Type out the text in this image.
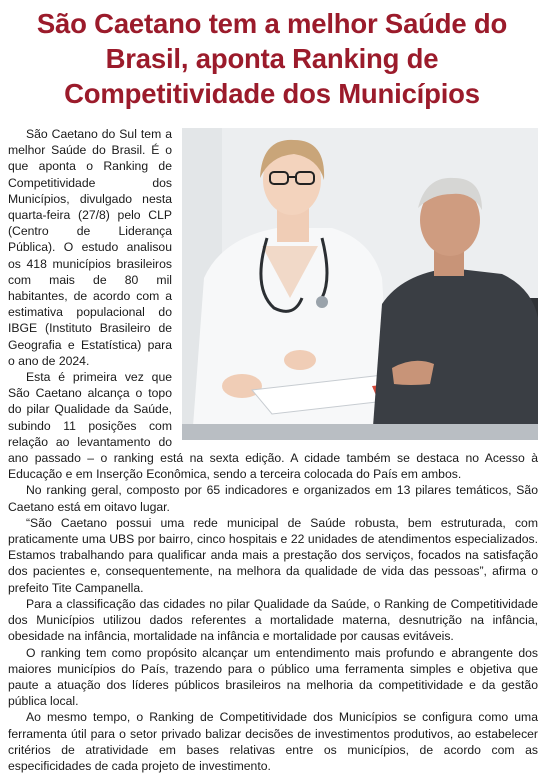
São Caetano tem a melhor Saúde do Brasil, aponta Ranking de Competitividade dos Municípios

São Caetano do Sul tem a melhor Saúde do Brasil. É o que aponta o Ranking de Competitividade dos Municípios, divulgado nesta quarta-feira (27/8) pelo CLP (Centro de Liderança Pública). O estudo analisou os 418 municípios brasileiros com mais de 80 mil habitantes, de acordo com a estimativa populacional do IBGE (Instituto Brasileiro de Geografia e Estatística) para o ano de 2024.

Esta é primeira vez que São Caetano alcança o topo do pilar Qualidade da Saúde, subindo 11 posições com relação ao levantamento do ano passado – o ranking está na sexta edição. A cidade também se destaca no Acesso à Educação e em Inserção Econômica, sendo a terceira colocada do País em ambos.

No ranking geral, composto por 65 indicadores e organizados em 13 pilares temáticos, São Caetano está em oitavo lugar.

“São Caetano possui uma rede municipal de Saúde robusta, bem estruturada, com praticamente uma UBS por bairro, cinco hospitais e 22 unidades de atendimentos especializados. Estamos trabalhando para qualificar anda mais a prestação dos serviços, focados na satisfação dos pacientes e, consequentemente, na melhora da qualidade de vida das pessoas”, afirma o prefeito Tite Campanella.

Para a classificação das cidades no pilar Qualidade da Saúde, o Ranking de Competitividade dos Municípios utilizou dados referentes a mortalidade materna, desnutrição na infância, obesidade na infância, mortalidade na infância e mortalidade por causas evitáveis.

O ranking tem como propósito alcançar um entendimento mais profundo e abrangente dos maiores municípios do País, trazendo para o público uma ferramenta simples e objetiva que paute a atuação dos líderes públicos brasileiros na melhoria da competitividade e da gestão pública local.

Ao mesmo tempo, o Ranking de Competitividade dos Municípios se configura como uma ferramenta útil para o setor privado balizar decisões de investimentos produtivos, ao estabelecer critérios de atratividade em bases relativas entre os municípios, de acordo com as especificidades de cada projeto de investimento.
